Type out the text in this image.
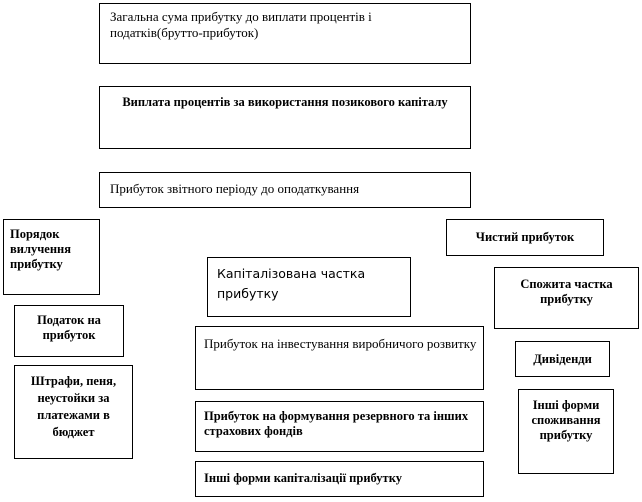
Загальна сума прибутку до виплати процентів і податків(брутто-прибуток)
Виплата процентів за використання позикового капіталу
Прибуток звітного періоду до оподаткування
Порядок вилучення прибутку
Чистий прибуток
Капіталізована частка прибутку
Спожита частка прибутку
Податок на прибуток
Прибуток на інвестування виробничого розвитку
Дивіденди
Штрафи, пеня, неустойки за платежами в бюджет
Інші форми споживання прибутку
Прибуток на формування резервного та інших страхових фондів
Інші форми капіталізації прибутку
